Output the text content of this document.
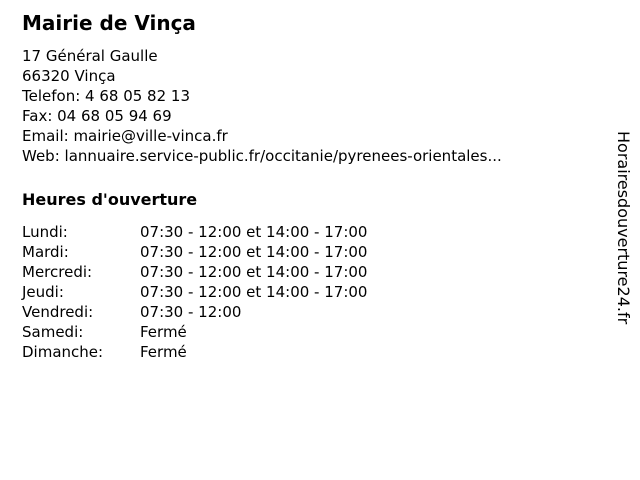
Mairie de Vinça
17 Général Gaulle
66320 Vinça
Telefon: 4 68 05 82 13
Fax: 04 68 05 94 69
Email: mairie@ville-vinca.fr
Web: lannuaire.service-public.fr/occitanie/pyrenees-orientales...
Heures d'ouverture
Lundi:	07:30 - 12:00 et 14:00 - 17:00
Mardi:	07:30 - 12:00 et 14:00 - 17:00
Mercredi:	07:30 - 12:00 et 14:00 - 17:00
Jeudi:	07:30 - 12:00 et 14:00 - 17:00
Vendredi:	07:30 - 12:00
Samedi:	Fermé
Dimanche:	Fermé
Horairesdouverture24.fr
